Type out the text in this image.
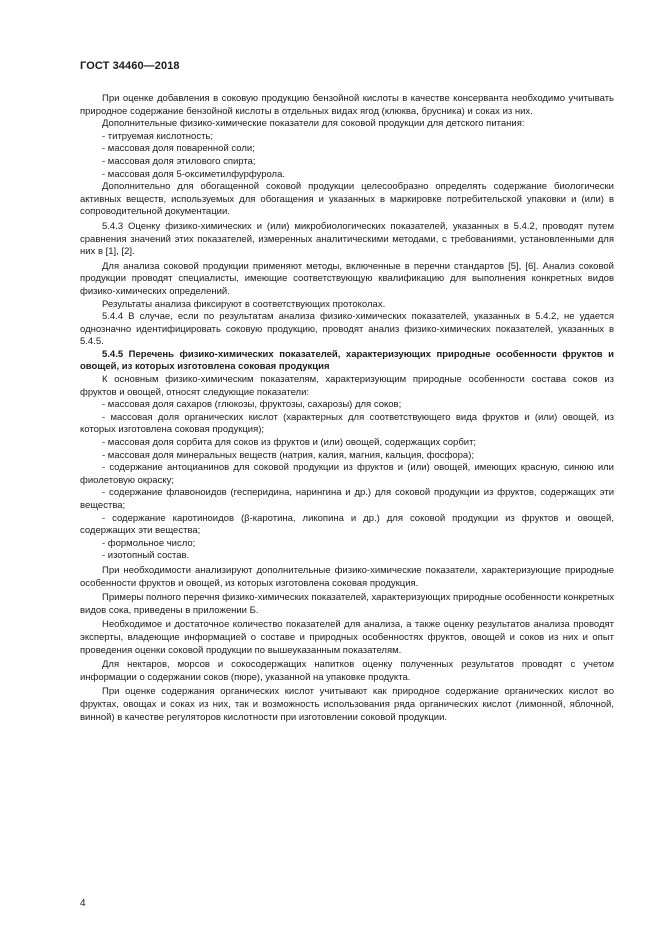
ГОСТ 34460—2018

При оценке добавления в соковую продукцию бензойной кислоты в качестве консерванта необходимо учитывать природное содержание бензойной кислоты в отдельных видах ягод (клюква, брусника) и соках из них.

Дополнительные физико-химические показатели для соковой продукции для детского питания:

- титруемая кислотность;

- массовая доля поваренной соли;

- массовая доля этилового спирта;

- массовая доля 5-оксиметилфурфурола.

Дополнительно для обогащенной соковой продукции целесообразно определять содержание биологически активных веществ, используемых для обогащения и указанных в маркировке потребительской упаковки и (или) в сопроводительной документации.

5.4.3 Оценку физико-химических и (или) микробиологических показателей, указанных в 5.4.2, проводят путем сравнения значений этих показателей, измеренных аналитическими методами, с требованиями, установленными для них в [1], [2].

Для анализа соковой продукции применяют методы, включенные в перечни стандартов [5], [6]. Анализ соковой продукции проводят специалисты, имеющие соответствующую квалификацию для выполнения конкретных видов физико-химических определений.

Результаты анализа фиксируют в соответствующих протоколах.

5.4.4 В случае, если по результатам анализа физико-химических показателей, указанных в 5.4.2, не удается однозначно идентифицировать соковую продукцию, проводят анализ физико-химических показателей, указанных в 5.4.5.

5.4.5 Перечень физико-химических показателей, характеризующих природные особенности фруктов и овощей, из которых изготовлена соковая продукция

К основным физико-химическим показателям, характеризующим природные особенности состава соков из фруктов и овощей, относят следующие показатели:

- массовая доля сахаров (глюкозы, фруктозы, сахарозы) для соков;

- массовая доля органических кислот (характерных для соответствующего вида фруктов и (или) овощей, из которых изготовлена соковая продукция);

- массовая доля сорбита для соков из фруктов и (или) овощей, содержащих сорбит;

- массовая доля минеральных веществ (натрия, калия, магния, кальция, фосфора);

- содержание антоцианинов для соковой продукции из фруктов и (или) овощей, имеющих красную, синюю или фиолетовую окраску;

- содержание флавоноидов (гесперидина, нарингина и др.) для соковой продукции из фруктов, содержащих эти вещества;

- содержание каротиноидов (β-каротина, ликопина и др.) для соковой продукции из фруктов и овощей, содержащих эти вещества;

- формольное число;

- изотопный состав.

При необходимости анализируют дополнительные физико-химические показатели, характеризующие природные особенности фруктов и овощей, из которых изготовлена соковая продукция.

Примеры полного перечня физико-химических показателей, характеризующих природные особенности конкретных видов сока, приведены в приложении Б.

Необходимое и достаточное количество показателей для анализа, а также оценку результатов анализа проводят эксперты, владеющие информацией о составе и природных особенностях фруктов, овощей и соков из них и опыт проведения оценки соковой продукции по вышеуказанным показателям.

Для нектаров, морсов и сокосодержащих напитков оценку полученных результатов проводят с учетом информации о содержании соков (пюре), указанной на упаковке продукта.

При оценке содержания органических кислот учитывают как природное содержание органических кислот во фруктах, овощах и соках из них, так и возможность использования ряда органических кислот (лимонной, яблочной, винной) в качестве регуляторов кислотности при изготовлении соковой продукции.

4
